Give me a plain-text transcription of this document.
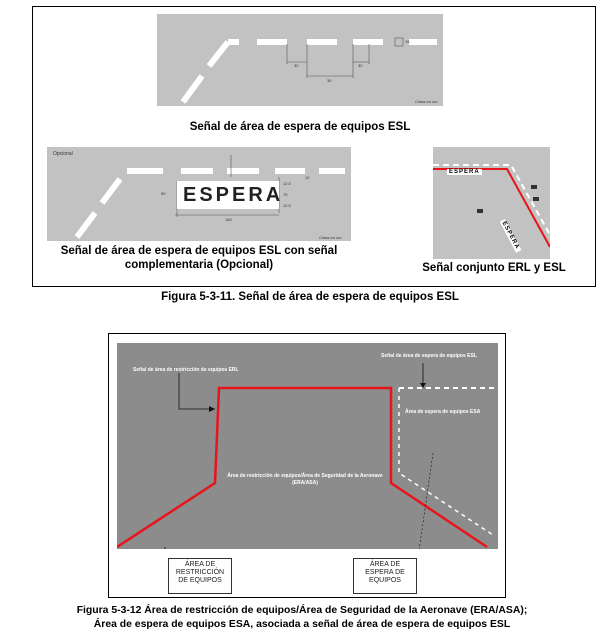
30	30
30
15
Cotas en cm
Señal de área de espera de equipos ESL
Opcional
ESPERA
10
12.5
75
12.5
50
180
Cotas en cm
Señal de área de espera de equipos ESL con señal
complementaria (Opcional)
ESPERA
ESPERA
Señal conjunto ERL y ESL
Figura 5-3-11. Señal de área de espera de equipos ESL
Señal de área de restricción de equipos ERL
Señal de área de espera de equipos ESL
Área de espera de equipos ESA
Área de restricción de equipos/Área de Seguridad de la Aeronave
(ERA/ASA)
ÁREA DE
RESTRICCIÓN
DE EQUIPOS
ÁREA DE
ESPERA DE
EQUIPOS
Figura 5-3-12 Área de restricción de equipos/Área de Seguridad de la Aeronave (ERA/ASA);
Área de espera de equipos ESA, asociada a señal de área de espera de equipos ESL
